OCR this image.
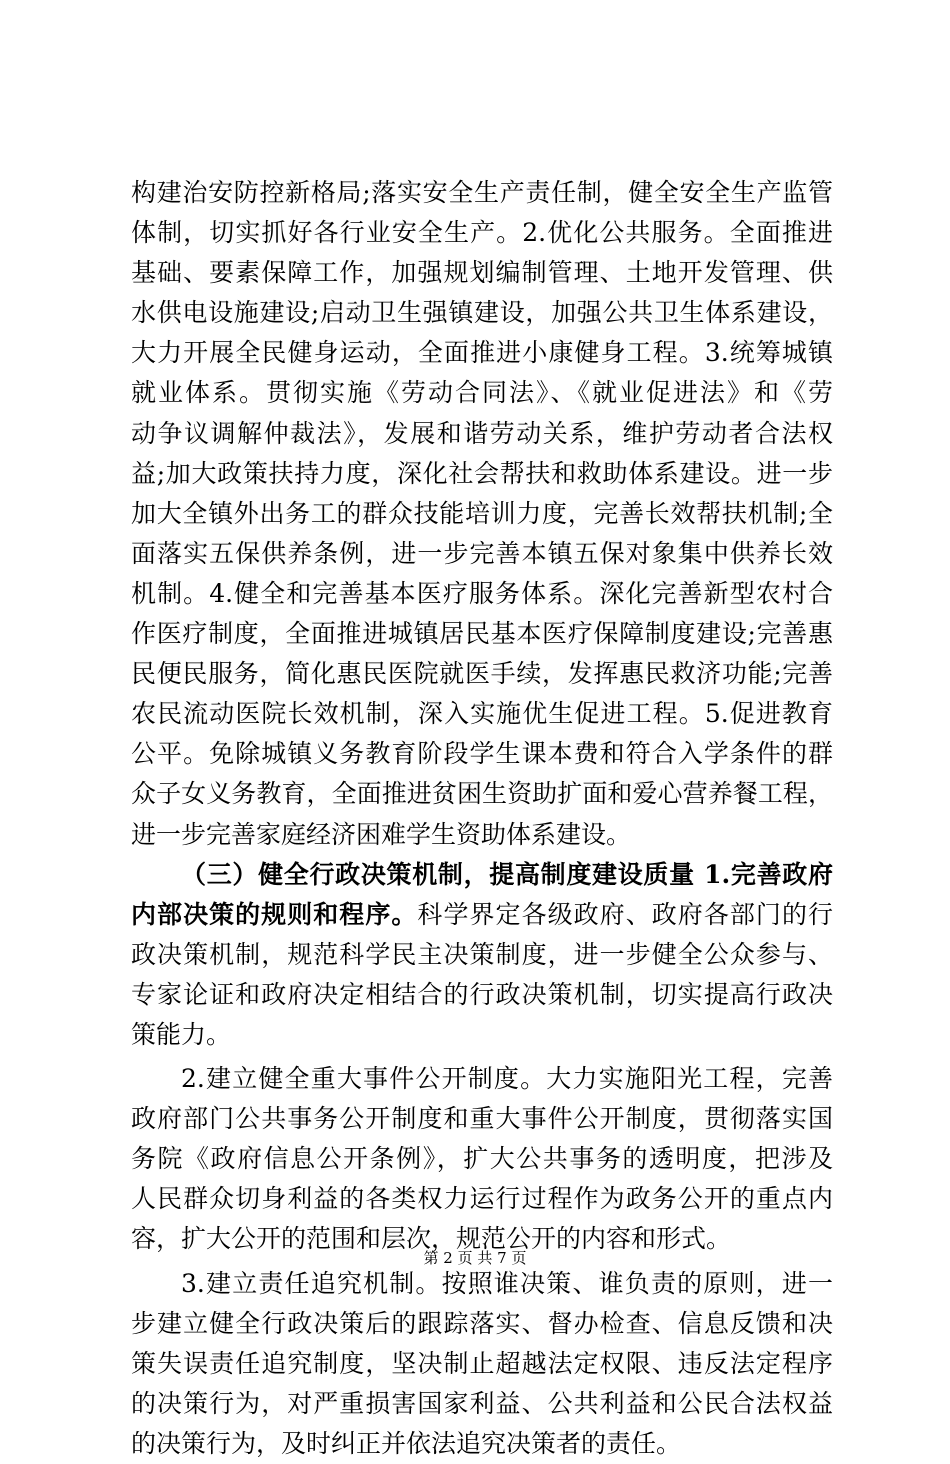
构建治安防控新格局;落实安全生产责任制，健全安全生产监管
体制，切实抓好各行业安全生产。2.优化公共服务。全面推进
基础、要素保障工作，加强规划编制管理、土地开发管理、供
水供电设施建设;启动卫生强镇建设，加强公共卫生体系建设，
大力开展全民健身运动，全面推进小康健身工程。3.统筹城镇
就业体系。贯彻实施《劳动合同法》、《就业促进法》和《劳
动争议调解仲裁法》，发展和谐劳动关系，维护劳动者合法权
益;加大政策扶持力度，深化社会帮扶和救助体系建设。进一步
加大全镇外出务工的群众技能培训力度，完善长效帮扶机制;全
面落实五保供养条例，进一步完善本镇五保对象集中供养长效
机制。4.健全和完善基本医疗服务体系。深化完善新型农村合
作医疗制度，全面推进城镇居民基本医疗保障制度建设;完善惠
民便民服务，简化惠民医院就医手续，发挥惠民救济功能;完善
农民流动医院长效机制，深入实施优生促进工程。5.促进教育
公平。免除城镇义务教育阶段学生课本费和符合入学条件的群
众子女义务教育，全面推进贫困生资助扩面和爱心营养餐工程，
进一步完善家庭经济困难学生资助体系建设。
（三）健全行政决策机制，提高制度建设质量 1.完善政府
内部决策的规则和程序。科学界定各级政府、政府各部门的行
政决策机制，规范科学民主决策制度，进一步健全公众参与、
专家论证和政府决定相结合的行政决策机制，切实提高行政决
策能力。
2.建立健全重大事件公开制度。大力实施阳光工程，完善
政府部门公共事务公开制度和重大事件公开制度，贯彻落实国
务院《政府信息公开条例》，扩大公共事务的透明度，把涉及
人民群众切身利益的各类权力运行过程作为政务公开的重点内
容，扩大公开的范围和层次，规范公开的内容和形式。
3.建立责任追究机制。按照谁决策、谁负责的原则，进一
步建立健全行政决策后的跟踪落实、督办检查、信息反馈和决
策失误责任追究制度，坚决制止超越法定权限、违反法定程序
的决策行为，对严重损害国家利益、公共利益和公民合法权益
的决策行为，及时纠正并依法追究决策者的责任。
第 2 页 共 7 页
